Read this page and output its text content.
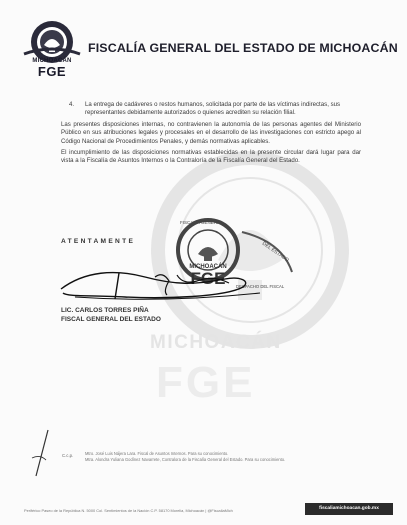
MICHOACÁN
FGE
MICHOACÁN
FGE
FISCALÍA GENERAL DEL ESTADO DE MICHOACÁN
4. La entrega de cadáveres o restos humanos, solicitada por parte de las víctimas indirectas, sus representantes debidamente autorizados o quienes acrediten su relación filial.
Las presentes disposiciones internas, no contravienen la autonomía de las personas agentes del Ministerio Público en sus atribuciones legales y procesales en el desarrollo de las investigaciones con estricto apego al Código Nacional de Procedimientos Penales, y demás normativas aplicables.
El incumplimiento de las disposiciones normativas establecidas en la presente circular dará lugar para dar vista a la Fiscalía de Asuntos Internos o la Contraloría de la Fiscalía General del Estado.
ATENTAMENTE
MICHOACÁN
FGE	DESPACHO DEL FISCAL
DEL ESTADO
FISCALÍA GENERAL
LIC. CARLOS TORRES PIÑA
FISCAL GENERAL DEL ESTADO
C.c.p.	Mtro. José Luis Nájera Lara. Fiscal de Asuntos Internos. Para su conocimiento.
Mtra. Alondra Yuliana Godínez Navarrete, Contralora de la Fiscalía General del Estado. Para su conocimiento.
Periférico Paseo de la República N. 5000 Col. Sentimientos de la Nación C.P. 58170 Morelia, Michoacán | @FiscaliaMich	fiscaliamichoacan.gob.mx
